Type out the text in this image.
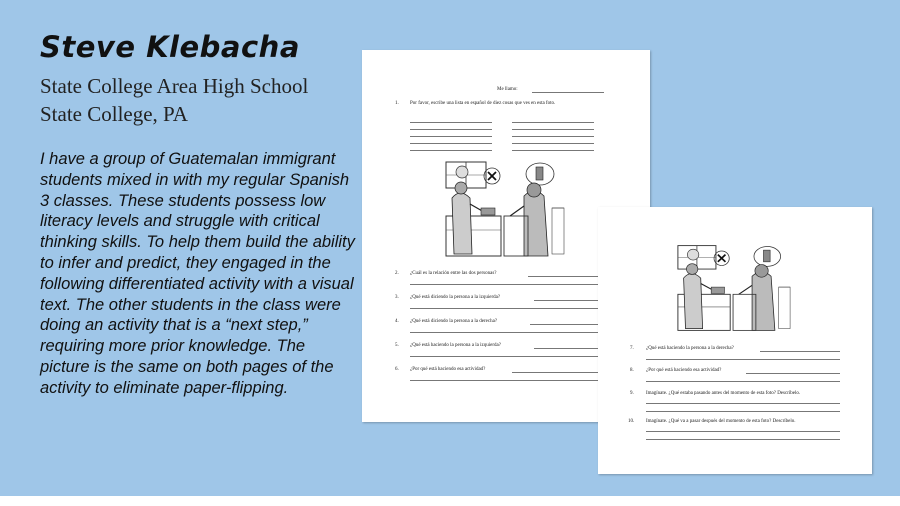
Steve Klebacha
State College Area High School
State College, PA
I have a group of Guatemalan immigrant students mixed in with my regular Spanish 3 classes. These students possess low literacy levels and struggle with critical thinking skills. To help them build the ability to infer and predict, they engaged in the following differentiated activity with a visual text. The other students in the class were doing an activity that is a “next step,” requiring more prior knowledge. The picture is the same on both pages of the activity to eliminate paper-flipping.
Me llamo:
1. Por favor, escribe una lista en español de diez cosas que ves en esta foto.
2. ¿Cuál es la relación entre las dos personas?
3. ¿Qué está diciendo la persona a la izquierda?
4. ¿Qué está diciendo la persona a la derecha?
5. ¿Qué está haciendo la persona a la izquierda?
6. ¿Por qué está haciendo esa actividad?
7. ¿Qué está haciendo la persona a la derecha?
8. ¿Por qué está haciendo esa actividad?
9. Imagínate. ¿Qué estaba pasando antes del momento de esta foto? Descríbelo.
10. Imagínate. ¿Qué va a pasar después del momento de esta foto? Descríbelo.
